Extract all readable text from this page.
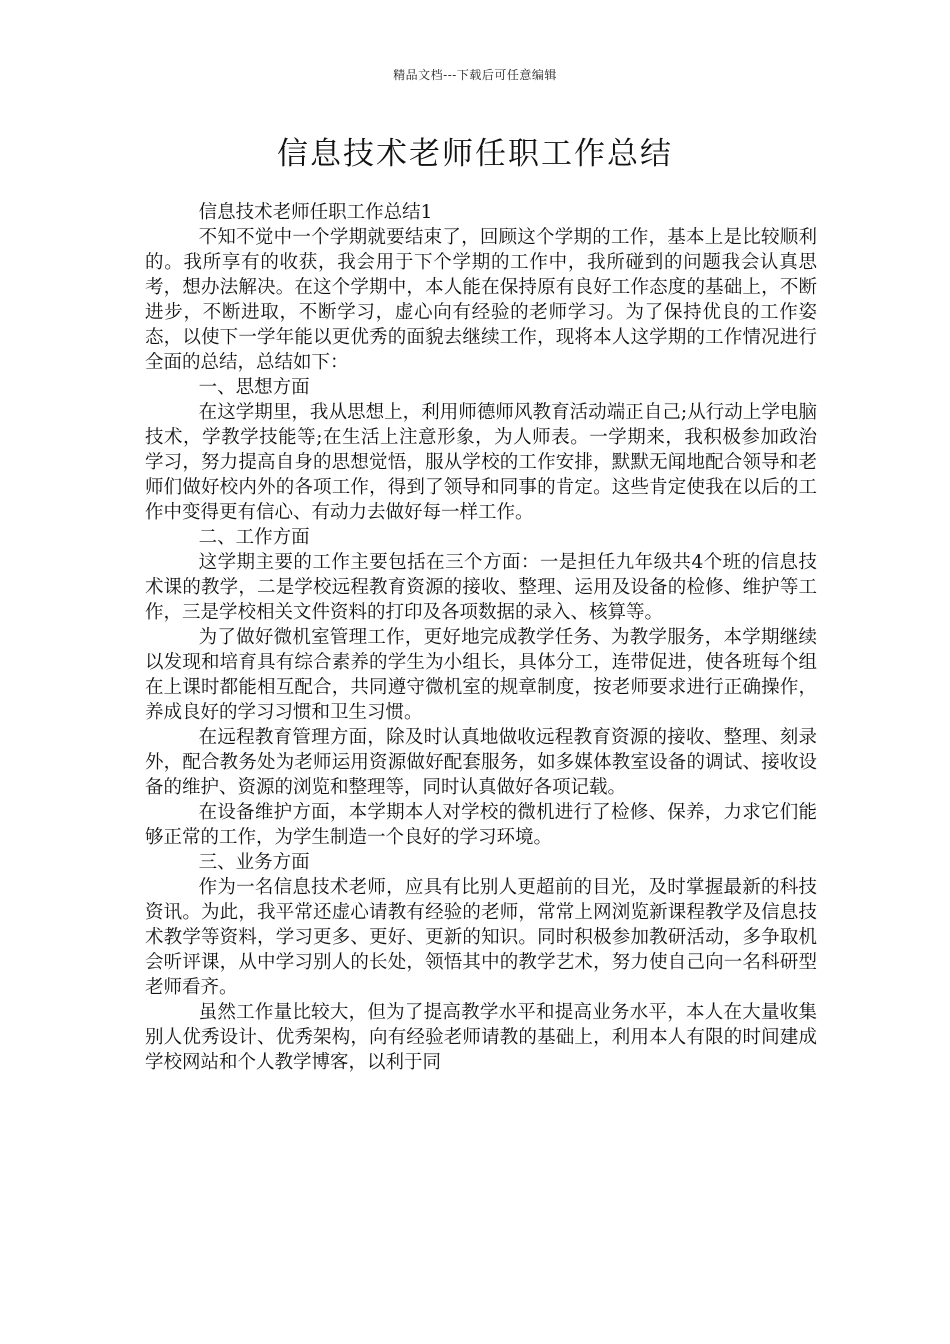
精品文档---下载后可任意编辑
信息技术老师任职工作总结

信息技术老师任职工作总结1

不知不觉中一个学期就要结束了，回顾这个学期的工作，基本上是比较顺利的。我所享有的收获，我会用于下个学期的工作中，我所碰到的问题我会认真思考，想办法解决。在这个学期中，本人能在保持原有良好工作态度的基础上，不断进步，不断进取，不断学习，虚心向有经验的老师学习。为了保持优良的工作姿态，以使下一学年能以更优秀的面貌去继续工作，现将本人这学期的工作情况进行全面的总结，总结如下：

一、思想方面

在这学期里，我从思想上，利用师德师风教育活动端正自己;从行动上学电脑技术，学教学技能等;在生活上注意形象，为人师表。一学期来，我积极参加政治学习，努力提高自身的思想觉悟，服从学校的工作安排，默默无闻地配合领导和老师们做好校内外的各项工作，得到了领导和同事的肯定。这些肯定使我在以后的工作中变得更有信心、有动力去做好每一样工作。

二、工作方面

这学期主要的工作主要包括在三个方面：一是担任九年级共4个班的信息技术课的教学，二是学校远程教育资源的接收、整理、运用及设备的检修、维护等工作，三是学校相关文件资料的打印及各项数据的录入、核算等。

为了做好微机室管理工作，更好地完成教学任务、为教学服务，本学期继续以发现和培育具有综合素养的学生为小组长，具体分工，连带促进，使各班每个组在上课时都能相互配合，共同遵守微机室的规章制度，按老师要求进行正确操作，养成良好的学习习惯和卫生习惯。

在远程教育管理方面，除及时认真地做收远程教育资源的接收、整理、刻录外，配合教务处为老师运用资源做好配套服务，如多媒体教室设备的调试、接收设备的维护、资源的浏览和整理等，同时认真做好各项记载。

在设备维护方面，本学期本人对学校的微机进行了检修、保养，力求它们能够正常的工作，为学生制造一个良好的学习环境。

三、业务方面

作为一名信息技术老师，应具有比别人更超前的目光，及时掌握最新的科技资讯。为此，我平常还虚心请教有经验的老师，常常上网浏览新课程教学及信息技术教学等资料，学习更多、更好、更新的知识。同时积极参加教研活动，多争取机会听评课，从中学习别人的长处，领悟其中的教学艺术，努力使自己向一名科研型老师看齐。

虽然工作量比较大，但为了提高教学水平和提高业务水平，本人在大量收集别人优秀设计、优秀架构，向有经验老师请教的基础上，利用本人有限的时间建成学校网站和个人教学博客，以利于同
